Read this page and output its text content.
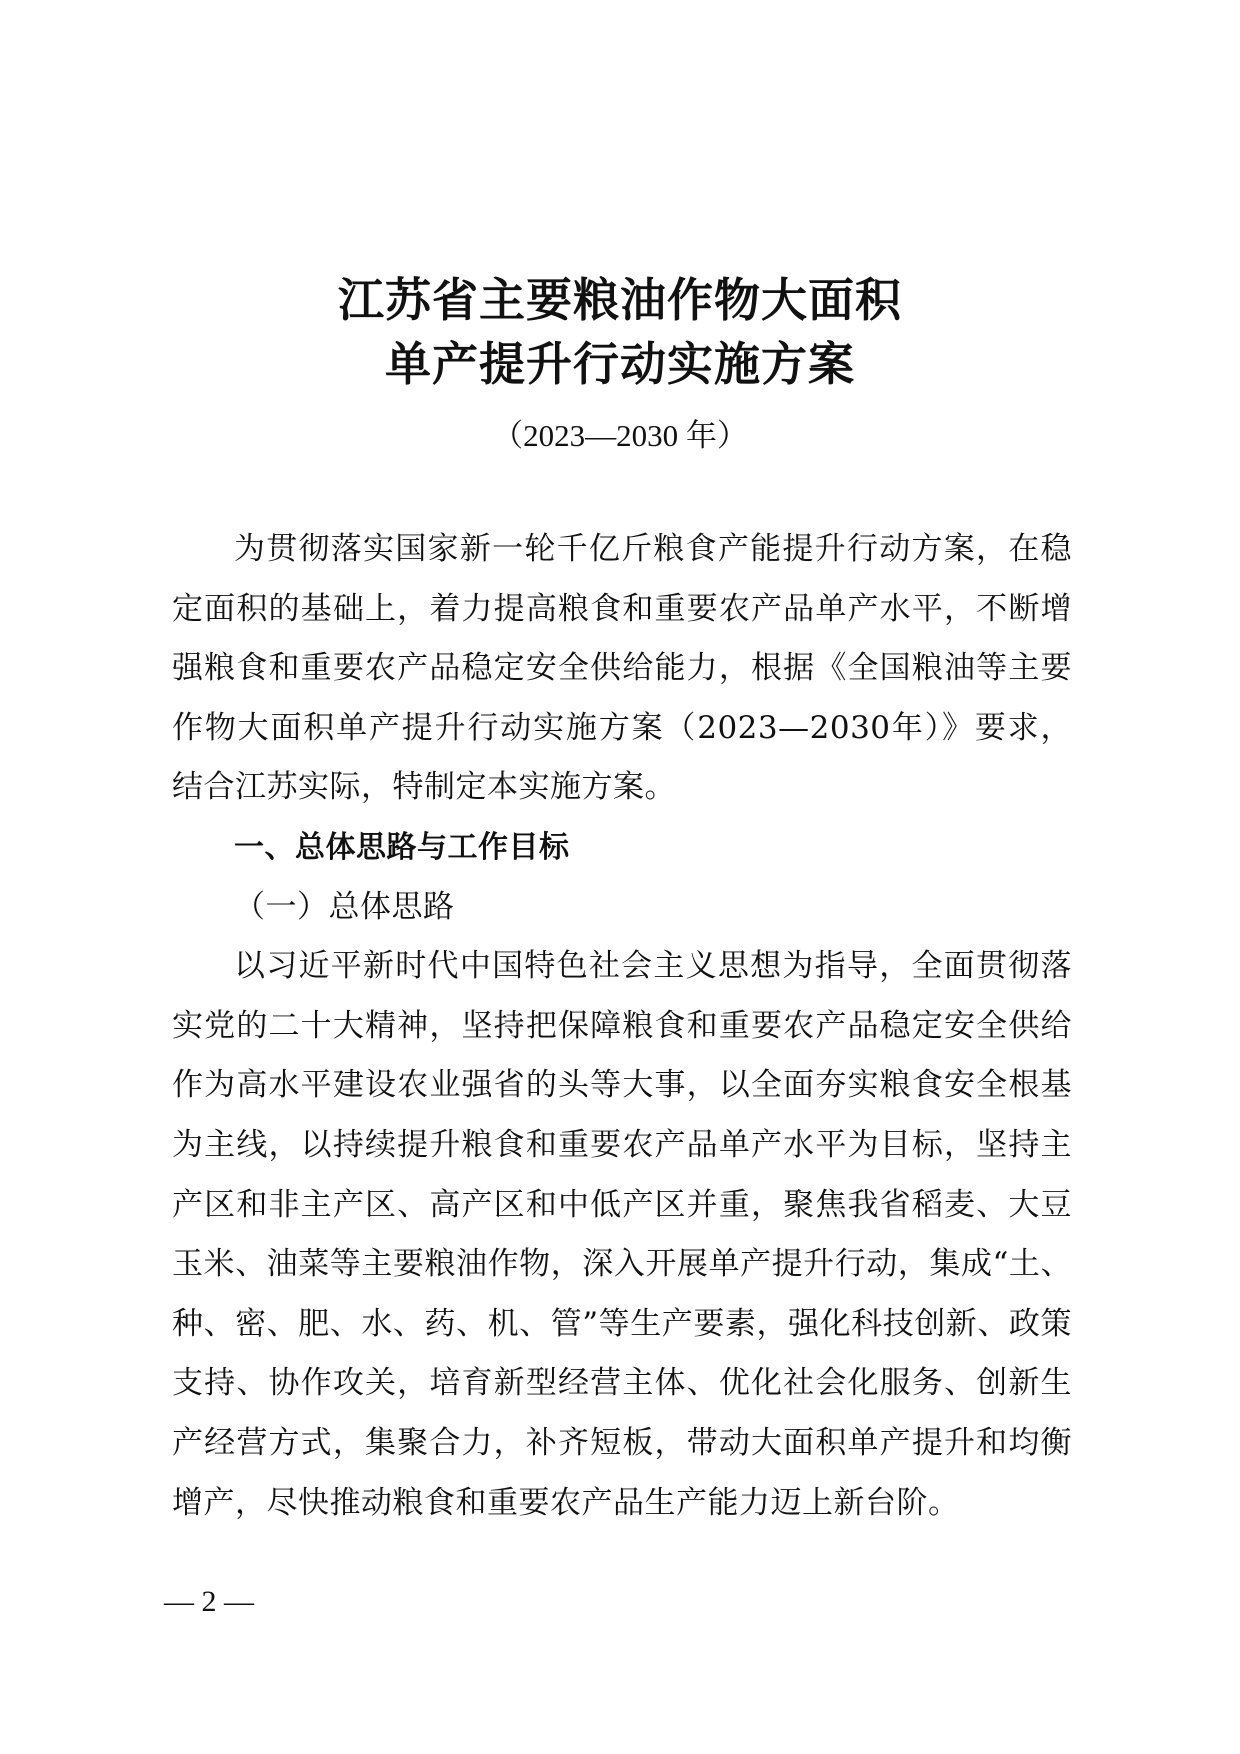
江苏省主要粮油作物大面积
单产提升行动实施方案
（2023—2030 年）

为贯彻落实国家新一轮千亿斤粮食产能提升行动方案，在稳定面积的基础上，着力提高粮食和重要农产品单产水平，不断增强粮食和重要农产品稳定安全供给能力，根据《全国粮油等主要作物大面积单产提升行动实施方案（2023—2030年）》要求，结合江苏实际，特制定本实施方案。

一、总体思路与工作目标

（一）总体思路

以习近平新时代中国特色社会主义思想为指导，全面贯彻落实党的二十大精神，坚持把保障粮食和重要农产品稳定安全供给作为高水平建设农业强省的头等大事，以全面夯实粮食安全根基为主线，以持续提升粮食和重要农产品单产水平为目标，坚持主产区和非主产区、高产区和中低产区并重，聚焦我省稻麦、大豆玉米、油菜等主要粮油作物，深入开展单产提升行动，集成“土、种、密、肥、水、药、机、管”等生产要素，强化科技创新、政策支持、协作攻关，培育新型经营主体、优化社会化服务、创新生产经营方式，集聚合力，补齐短板，带动大面积单产提升和均衡增产，尽快推动粮食和重要农产品生产能力迈上新台阶。

— 2 —
